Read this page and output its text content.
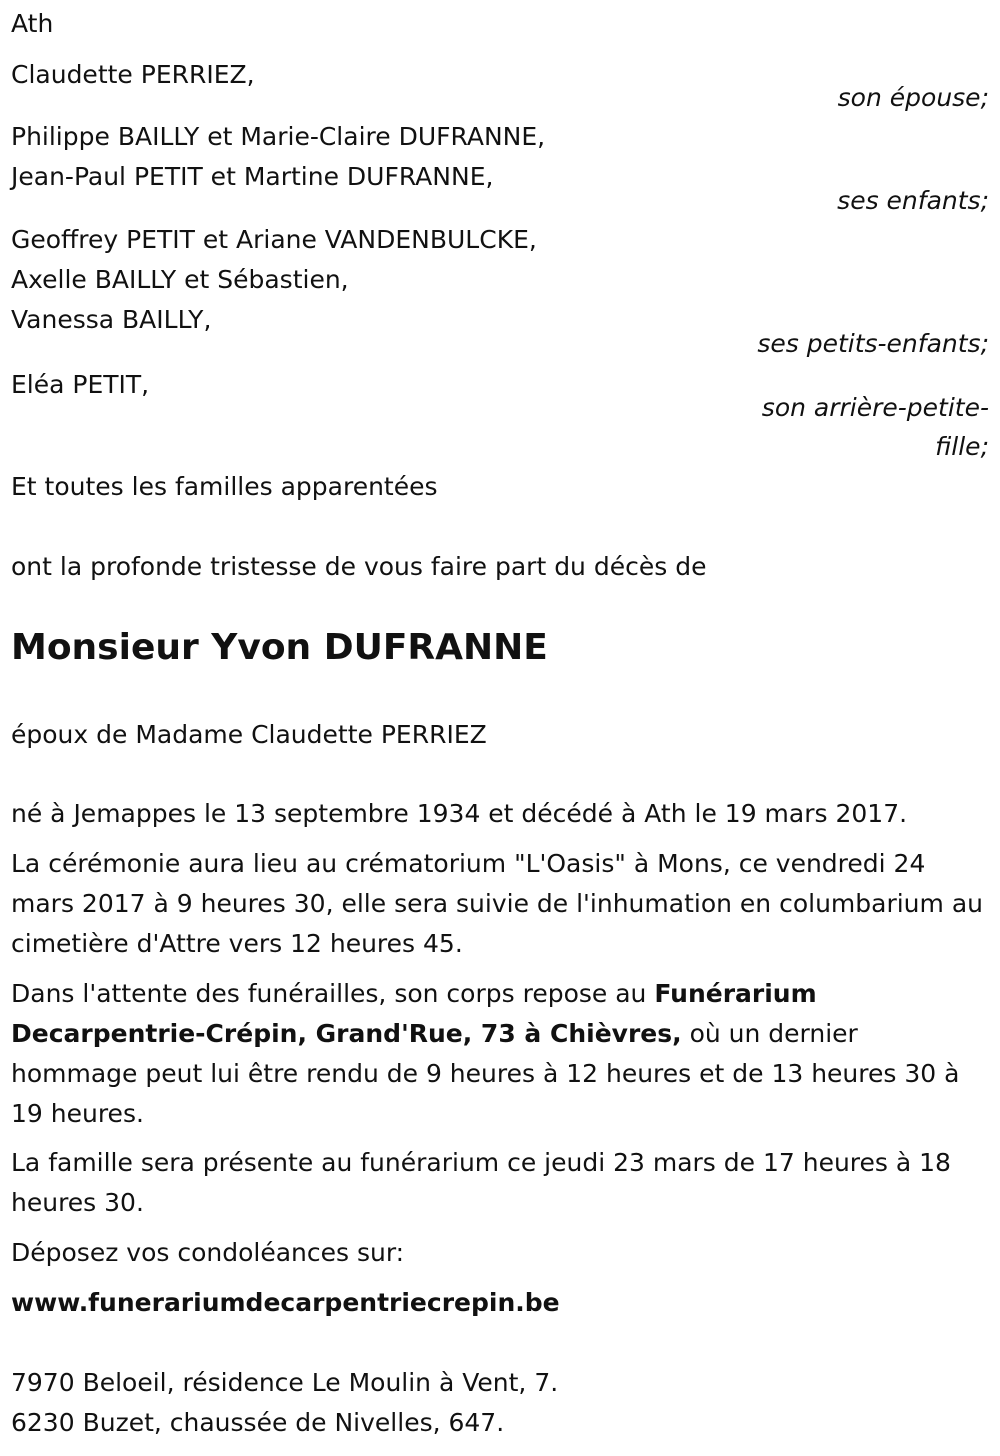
Ath
Claudette PERRIEZ,
son épouse;
Philippe BAILLY et Marie-Claire DUFRANNE,
Jean-Paul PETIT et Martine DUFRANNE,
ses enfants;
Geoffrey PETIT et Ariane VANDENBULCKE,
Axelle BAILLY et Sébastien,
Vanessa BAILLY,
ses petits-enfants;
Eléa PETIT,
son arrière-petite-
fille;
Et toutes les familles apparentées
ont la profonde tristesse de vous faire part du décès de
Monsieur Yvon DUFRANNE
époux de Madame Claudette PERRIEZ
né à Jemappes le 13 septembre 1934 et décédé à Ath le 19 mars 2017.
La cérémonie aura lieu au crématorium "L'Oasis" à Mons, ce vendredi 24 mars 2017 à 9 heures 30, elle sera suivie de l'inhumation en columbarium au cimetière d'Attre vers 12 heures 45.
Dans l'attente des funérailles, son corps repose au Funérarium Decarpentrie-Crépin, Grand'Rue, 73 à Chièvres, où un dernier hommage peut lui être rendu de 9 heures à 12 heures et de 13 heures 30 à 19 heures.
La famille sera présente au funérarium ce jeudi 23 mars de 17 heures à 18 heures 30.
Déposez vos condoléances sur:
www.funerariumdecarpentriecrepin.be
7970 Beloeil, résidence Le Moulin à Vent, 7.
6230 Buzet, chaussée de Nivelles, 647.
